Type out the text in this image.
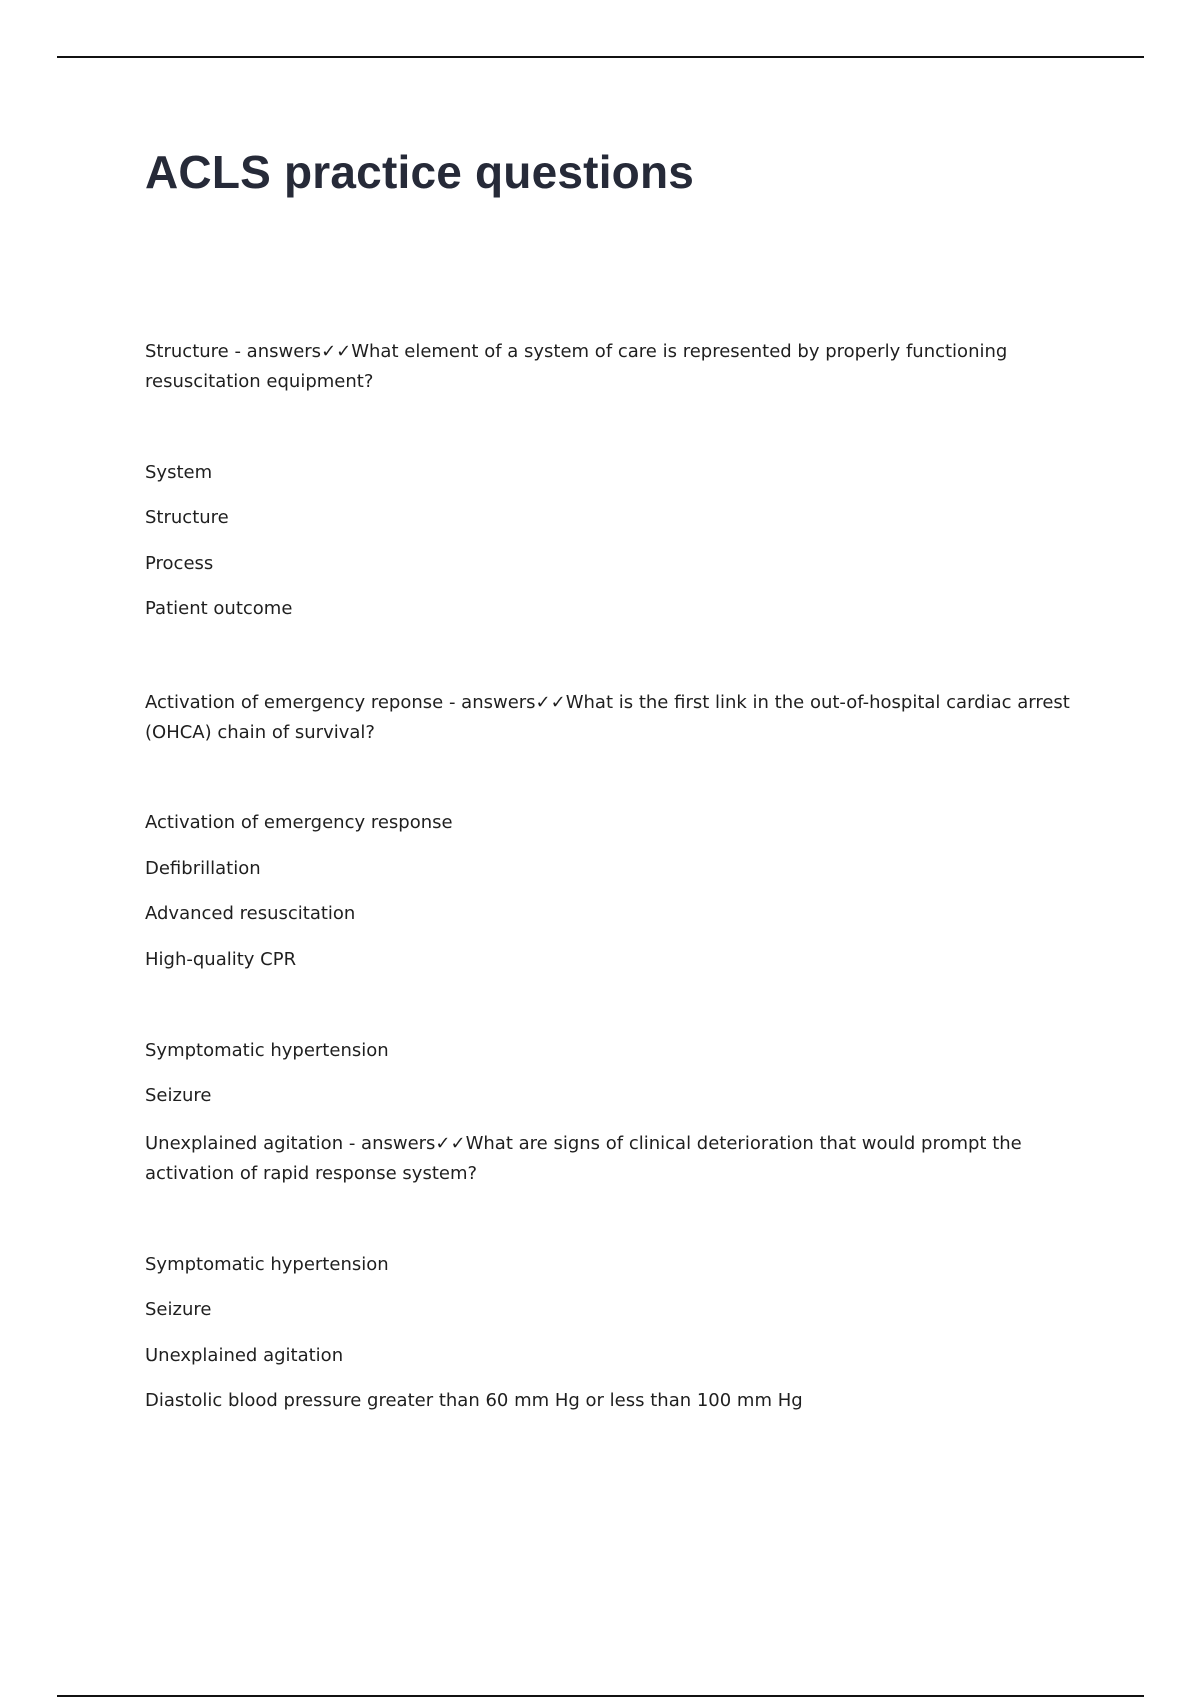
ACLS practice questions

Structure - answers✓✓What element of a system of care is represented by properly functioning resuscitation equipment?

System

Structure

Process

Patient outcome

Activation of emergency reponse - answers✓✓What is the first link in the out-of-hospital cardiac arrest (OHCA) chain of survival?

Activation of emergency response

Defibrillation

Advanced resuscitation

High-quality CPR

Symptomatic hypertension

Seizure

Unexplained agitation - answers✓✓What are signs of clinical deterioration that would prompt the activation of rapid response system?

Symptomatic hypertension

Seizure

Unexplained agitation

Diastolic blood pressure greater than 60 mm Hg or less than 100 mm Hg
